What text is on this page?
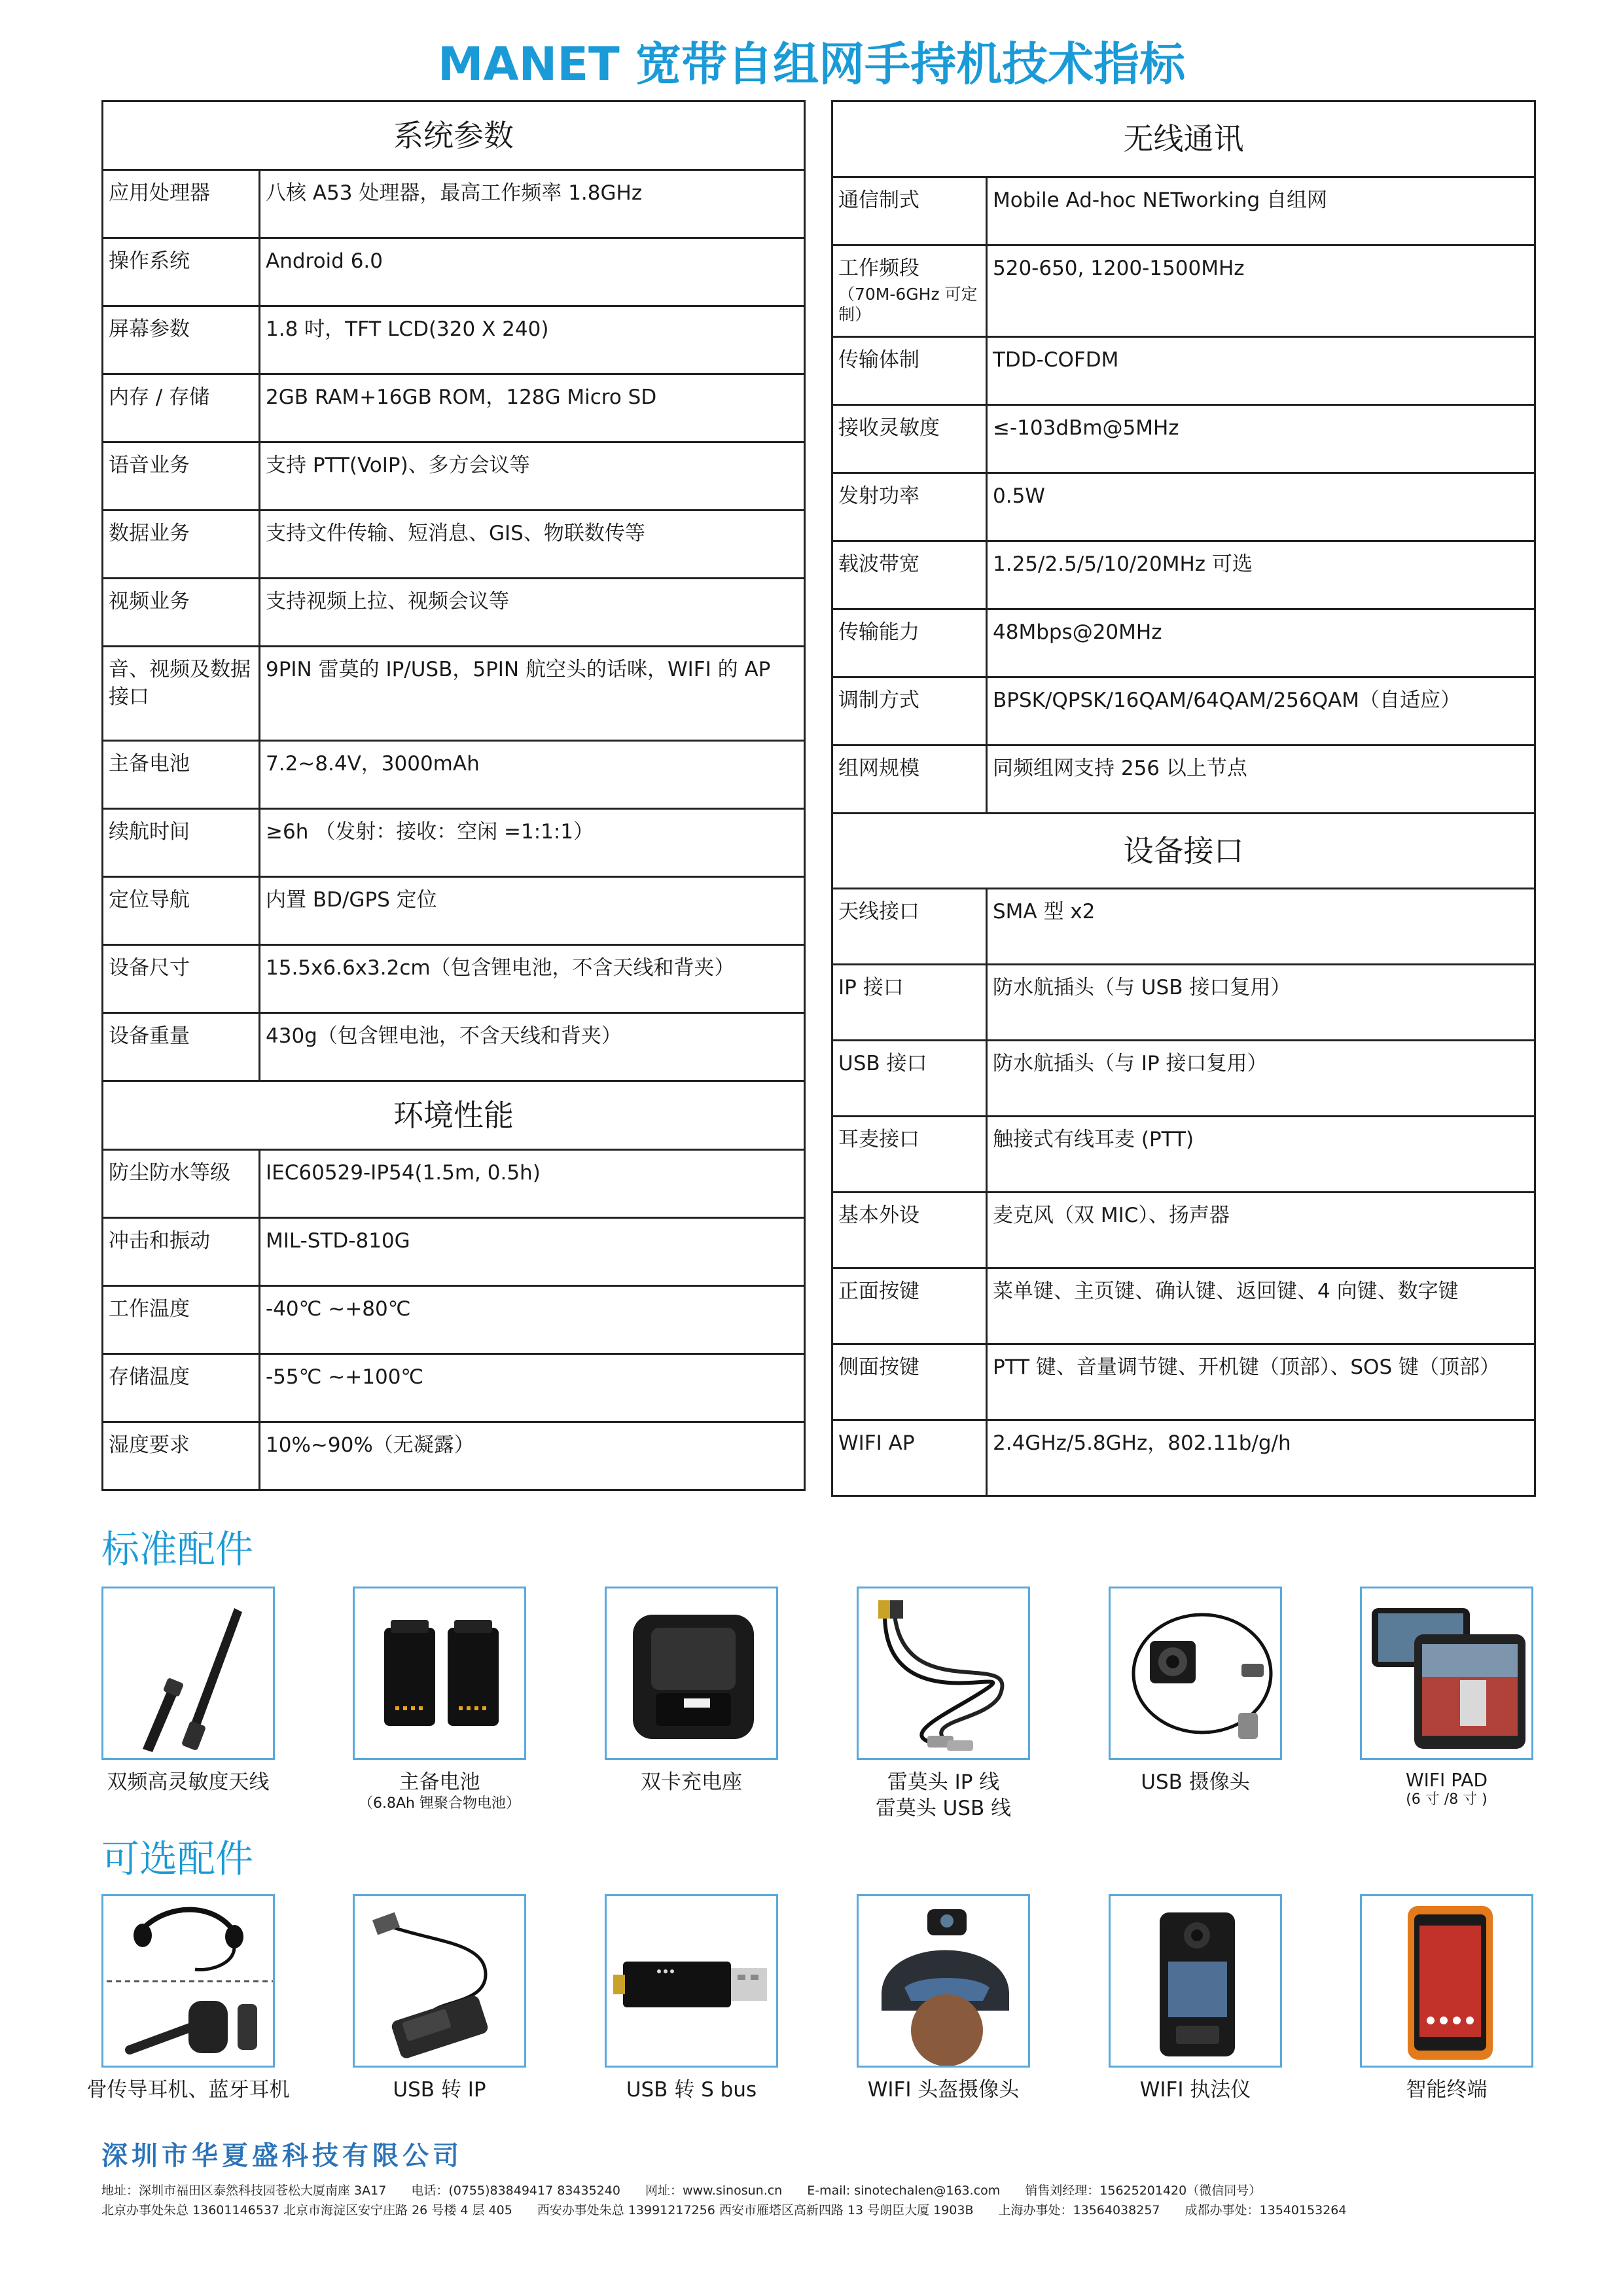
MANET 宽带自组网手持机技术指标
系统参数	
应用处理器	八核 A53 处理器，最高工作频率 1.8GHz
操作系统	Android 6.0
屏幕参数	1.8 吋，TFT LCD(320 X 240)
内存 / 存储	2GB RAM+16GB ROM，128G Micro SD
语音业务	支持 PTT(VoIP)、多方会议等
数据业务	支持文件传输、短消息、GIS、物联数传等
视频业务	支持视频上拉、视频会议等
音、视频及数据接口	9PIN 雷莫的 IP/USB，5PIN 航空头的话咪，WIFI 的 AP
主备电池	7.2~8.4V，3000mAh
续航时间	≥6h （发射：接收：空闲 =1:1:1）
定位导航	内置 BD/GPS 定位
设备尺寸	15.5x6.6x3.2cm（包含锂电池，不含天线和背夹）
设备重量	430g（包含锂电池，不含天线和背夹）
环境性能	
防尘防水等级	IEC60529-IP54(1.5m, 0.5h)
冲击和振动	MIL-STD-810G
工作温度	-40℃ ~+80℃
存储温度	-55℃ ~+100℃
湿度要求	10%~90%（无凝露）
无线通讯	
通信制式	Mobile Ad-hoc NETworking 自组网
工作频段
（70M-6GHz 可定制）	520-650, 1200-1500MHz
传输体制	TDD-COFDM
接收灵敏度	≤-103dBm@5MHz
发射功率	0.5W
载波带宽	1.25/2.5/5/10/20MHz 可选
传输能力	48Mbps@20MHz
调制方式	BPSK/QPSK/16QAM/64QAM/256QAM（自适应）
组网规模	同频组网支持 256 以上节点
设备接口	
天线接口	SMA 型 x2
IP 接口	防水航插头（与 USB 接口复用）
USB 接口	防水航插头（与 IP 接口复用）
耳麦接口	触接式有线耳麦 (PTT)
基本外设	麦克风（双 MIC）、扬声器
正面按键	菜单键、主页键、确认键、返回键、4 向键、数字键
侧面按键	PTT 键、音量调节键、开机键（顶部）、SOS 键（顶部）
WIFI AP	2.4GHz/5.8GHz，802.11b/g/h
标准配件
双频高灵敏度天线	主备电池
（6.8Ah 锂聚合物电池）
双卡充电座	雷莫头 IP 线
雷莫头 USB 线
USB 摄像头	WIFI PAD
(6 寸 /8 寸 )
可选配件
骨传导耳机、蓝牙耳机	USB 转 IP	USB 转 S bus	WIFI 头盔摄像头	WIFI 执法仪	智能终端
深圳市华夏盛科技有限公司
地址：深圳市福田区泰然科技园苍松大厦南座 3A17 电话：(0755)83849417 83435240 网址：www.sinosun.cn E-mail: sinotechalen@163.com 销售刘经理：15625201420（微信同号）
北京办事处朱总 13601146537 北京市海淀区安宁庄路 26 号楼 4 层 405 西安办事处朱总 13991217256 西安市雁塔区高新四路 13 号朗臣大厦 1903B 上海办事处：13564038257 成都办事处：13540153264
